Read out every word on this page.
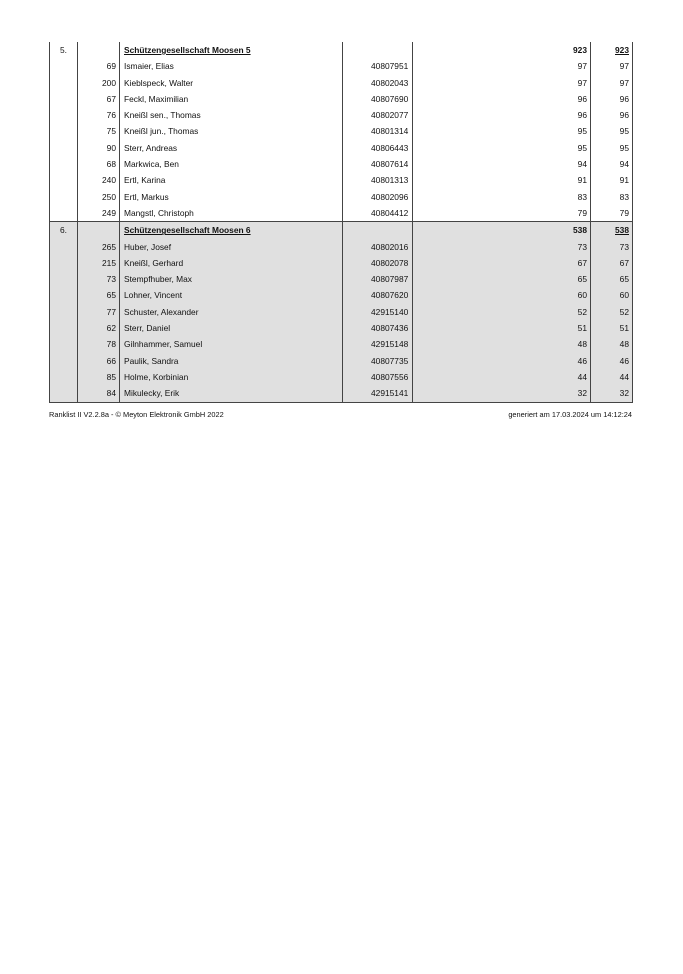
5.		Schützengesellschaft Moosen 5		923	923
	69	Ismaier, Elias	40807951	97	97
	200	Kieblspeck, Walter	40802043	97	97
	67	Feckl, Maximilian	40807690	96	96
	76	Kneißl sen., Thomas	40802077	96	96
	75	Kneißl jun., Thomas	40801314	95	95
	90	Sterr, Andreas	40806443	95	95
	68	Markwica, Ben	40807614	94	94
	240	Ertl, Karina	40801313	91	91
	250	Ertl, Markus	40802096	83	83
	249	Mangstl, Christoph	40804412	79	79
6.		Schützengesellschaft Moosen 6		538	538
	265	Huber, Josef	40802016	73	73
	215	Kneißl, Gerhard	40802078	67	67
	73	Stempfhuber, Max	40807987	65	65
	65	Lohner, Vincent	40807620	60	60
	77	Schuster, Alexander	42915140	52	52
	62	Sterr, Daniel	40807436	51	51
	78	Gilnhammer, Samuel	42915148	48	48
	66	Paulik, Sandra	40807735	46	46
	85	Holme, Korbinian	40807556	44	44
	84	Mikulecky, Erik	42915141	32	32
Ranklist II V2.2.8a - © Meyton Elektronik GmbH 2022	generiert am 17.03.2024 um 14:12:24
